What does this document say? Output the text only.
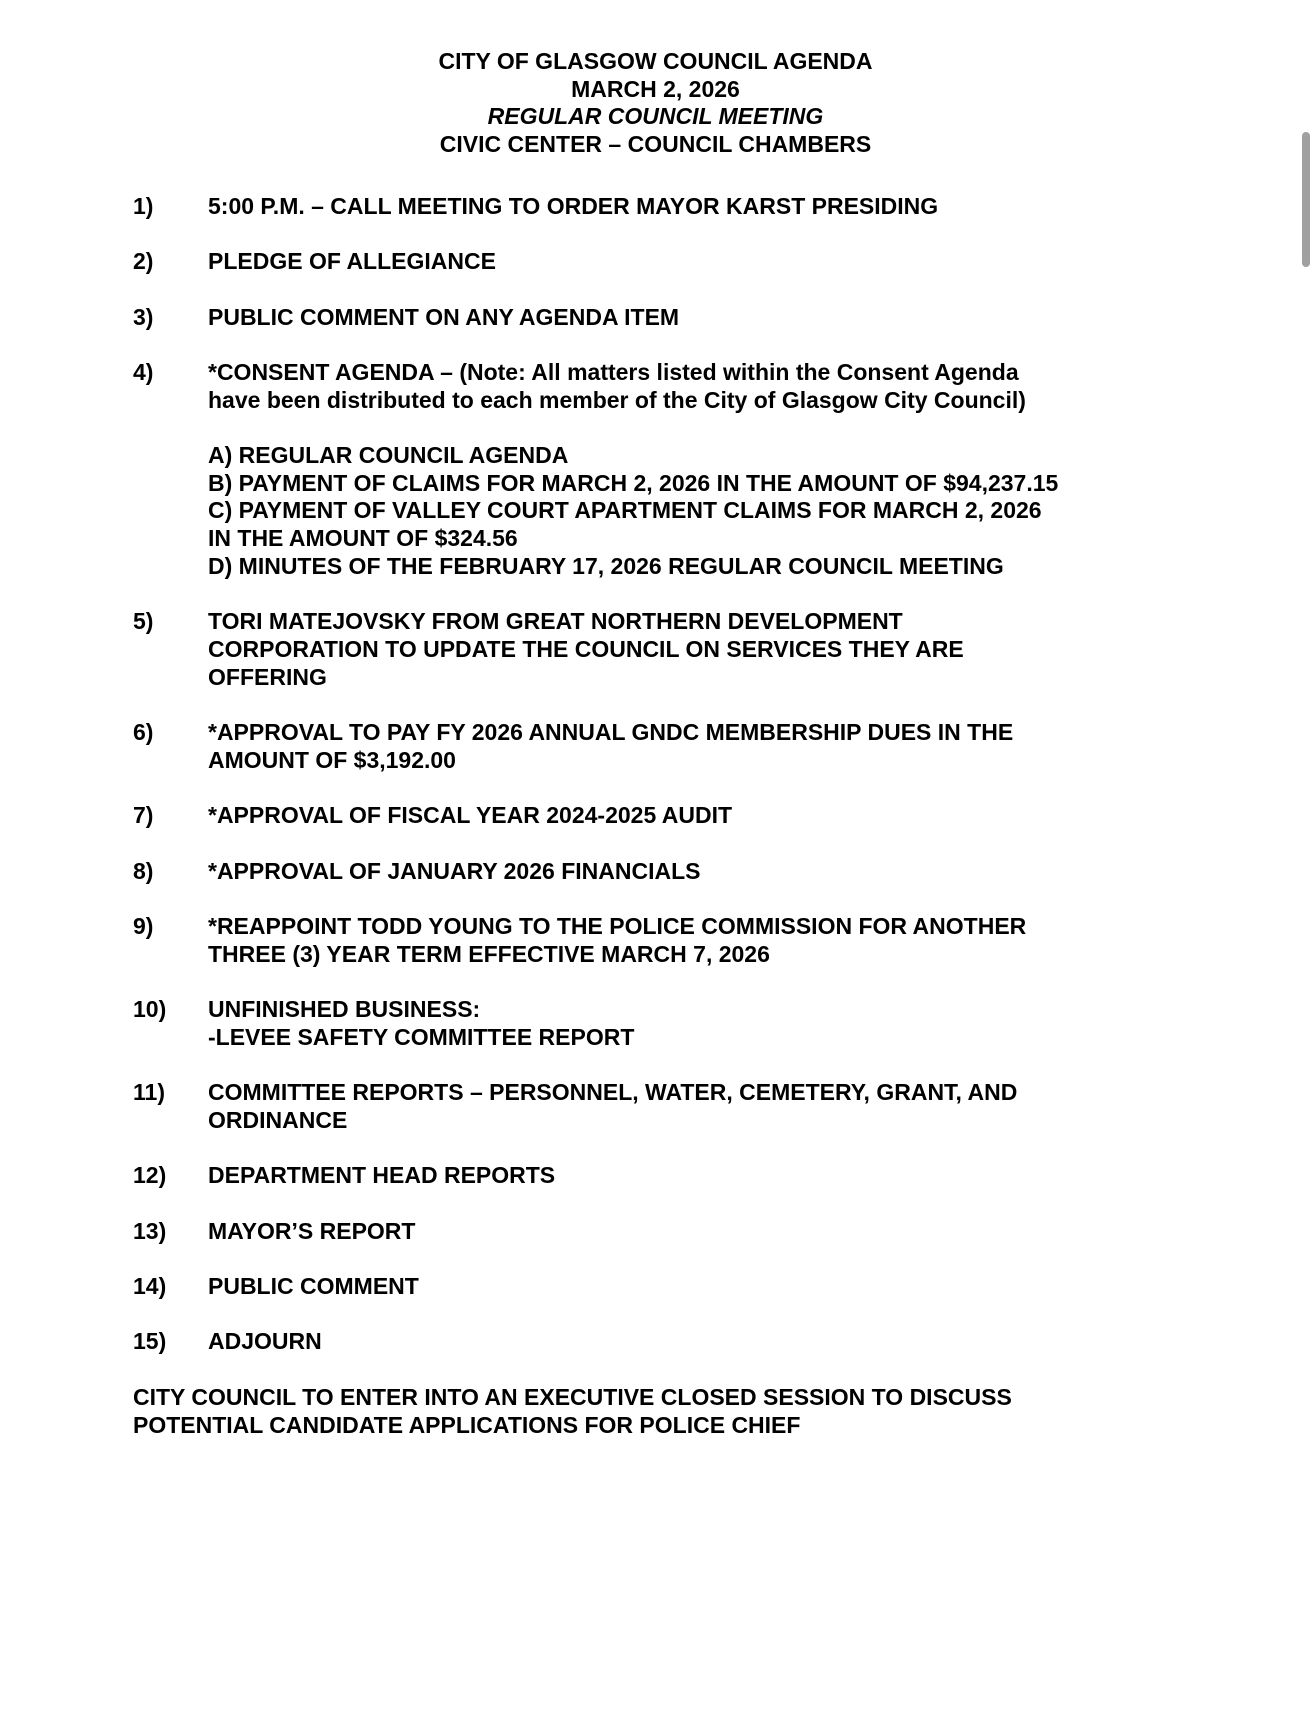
CITY OF GLASGOW COUNCIL AGENDA
MARCH 2, 2026
REGULAR COUNCIL MEETING
CIVIC CENTER – COUNCIL CHAMBERS
1)	5:00 P.M. – CALL MEETING TO ORDER MAYOR KARST PRESIDING

2)	PLEDGE OF ALLEGIANCE

3)	PUBLIC COMMENT ON ANY AGENDA ITEM

4)	*CONSENT AGENDA – (Note: All matters listed within the Consent Agenda

have been distributed to each member of the City of Glasgow City Council)

A) REGULAR COUNCIL AGENDA

B) PAYMENT OF CLAIMS FOR MARCH 2, 2026 IN THE AMOUNT OF $94,237.15

C) PAYMENT OF VALLEY COURT APARTMENT CLAIMS FOR MARCH 2, 2026

IN THE AMOUNT OF $324.56

D) MINUTES OF THE FEBRUARY 17, 2026 REGULAR COUNCIL MEETING

5)	TORI MATEJOVSKY FROM GREAT NORTHERN DEVELOPMENT

CORPORATION TO UPDATE THE COUNCIL ON SERVICES THEY ARE

OFFERING

6)	*APPROVAL TO PAY FY 2026 ANNUAL GNDC MEMBERSHIP DUES IN THE

AMOUNT OF $3,192.00

7)	*APPROVAL OF FISCAL YEAR 2024-2025 AUDIT

8)	*APPROVAL OF JANUARY 2026 FINANCIALS

9)	*REAPPOINT TODD YOUNG TO THE POLICE COMMISSION FOR ANOTHER

THREE (3) YEAR TERM EFFECTIVE MARCH 7, 2026

10)	UNFINISHED BUSINESS:

-LEVEE SAFETY COMMITTEE REPORT

11)	COMMITTEE REPORTS – PERSONNEL, WATER, CEMETERY, GRANT, AND

ORDINANCE

12)	DEPARTMENT HEAD REPORTS

13)	MAYOR’S REPORT

14)	PUBLIC COMMENT

15)	ADJOURN

CITY COUNCIL TO ENTER INTO AN EXECUTIVE CLOSED SESSION TO DISCUSS

POTENTIAL CANDIDATE APPLICATIONS FOR POLICE CHIEF
